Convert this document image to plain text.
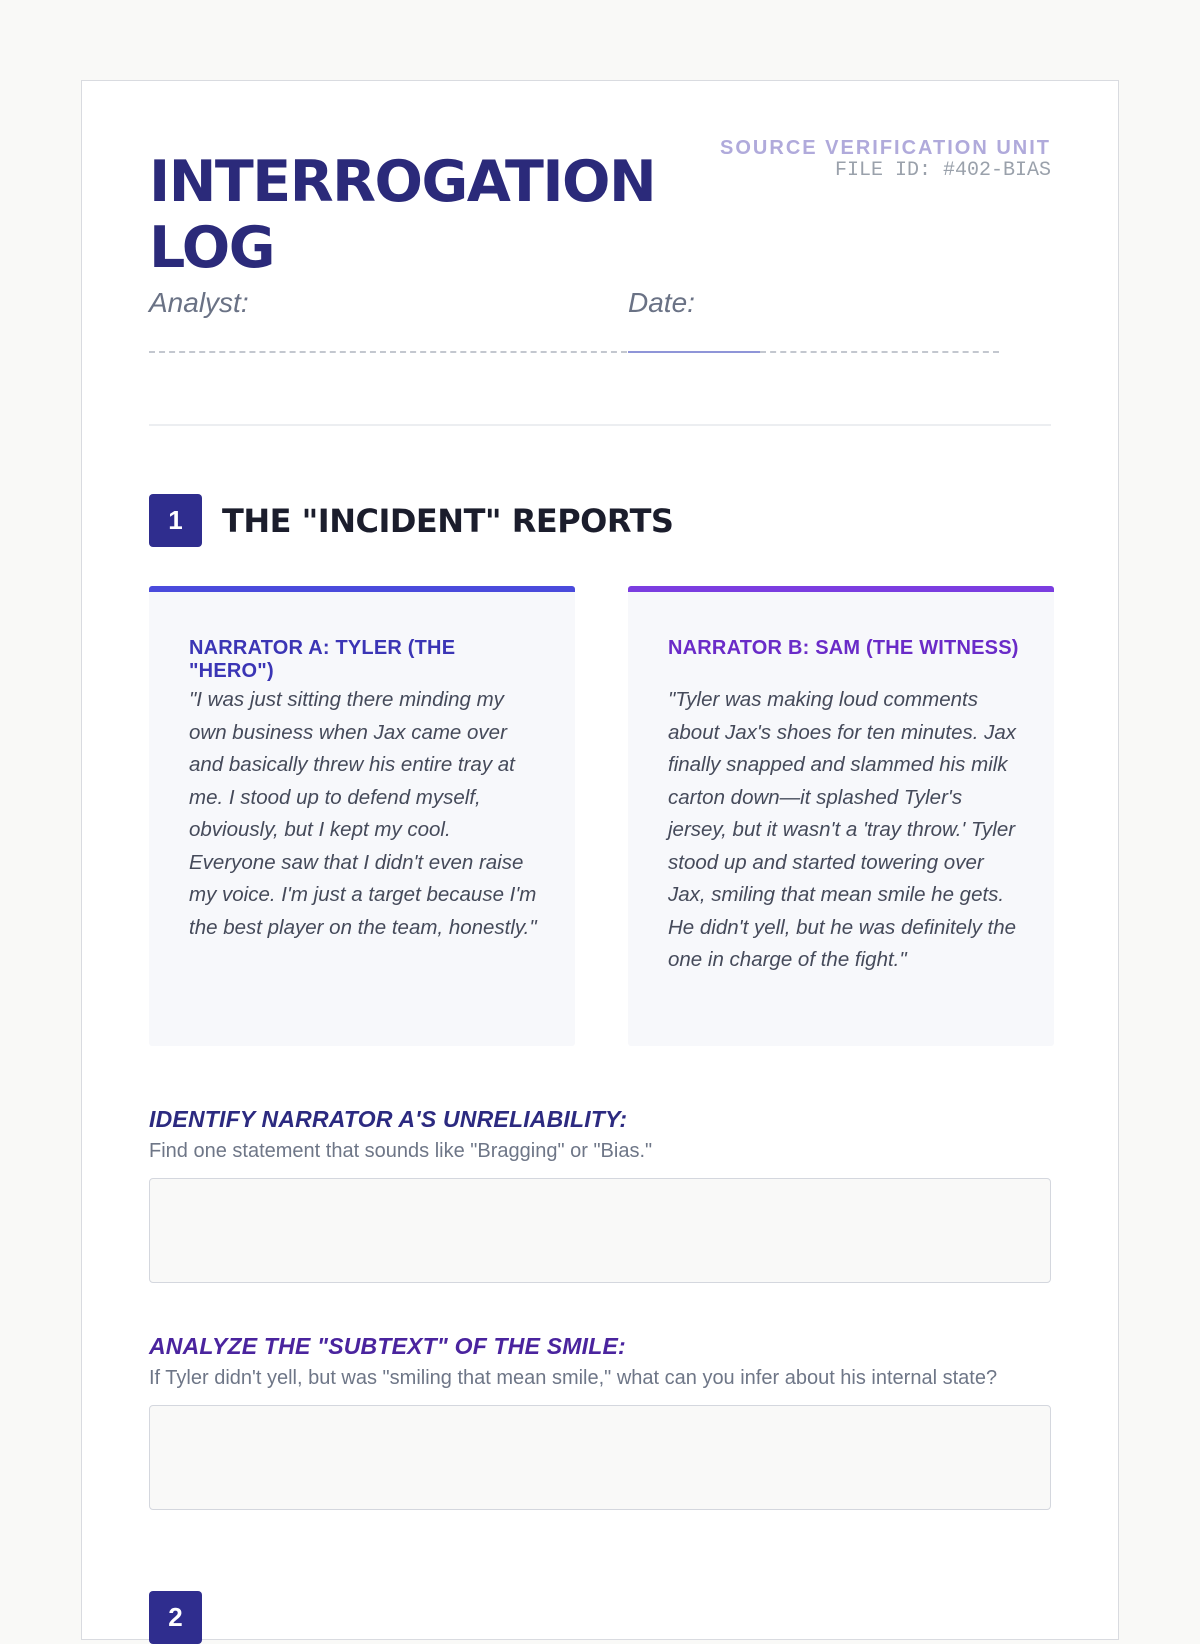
INTERROGATION LOG
SOURCE VERIFICATION UNIT
FILE ID: #402-BIAS
Analyst:	Date:
1	THE "INCIDENT" REPORTS
NARRATOR A: TYLER (THE "HERO")
"I was just sitting there minding my own business when Jax came over and basically threw his entire tray at me. I stood up to defend myself, obviously, but I kept my cool. Everyone saw that I didn't even raise my voice. I'm just a target because I'm the best player on the team, honestly."
NARRATOR B: SAM (THE WITNESS)
"Tyler was making loud comments about Jax's shoes for ten minutes. Jax finally snapped and slammed his milk carton down—it splashed Tyler's jersey, but it wasn't a 'tray throw.' Tyler stood up and started towering over Jax, smiling that mean smile he gets. He didn't yell, but he was definitely the one in charge of the fight."
IDENTIFY NARRATOR A'S UNRELIABILITY:
Find one statement that sounds like "Bragging" or "Bias."
ANALYZE THE "SUBTEXT" OF THE SMILE:
If Tyler didn't yell, but was "smiling that mean smile," what can you infer about his internal state?
2
